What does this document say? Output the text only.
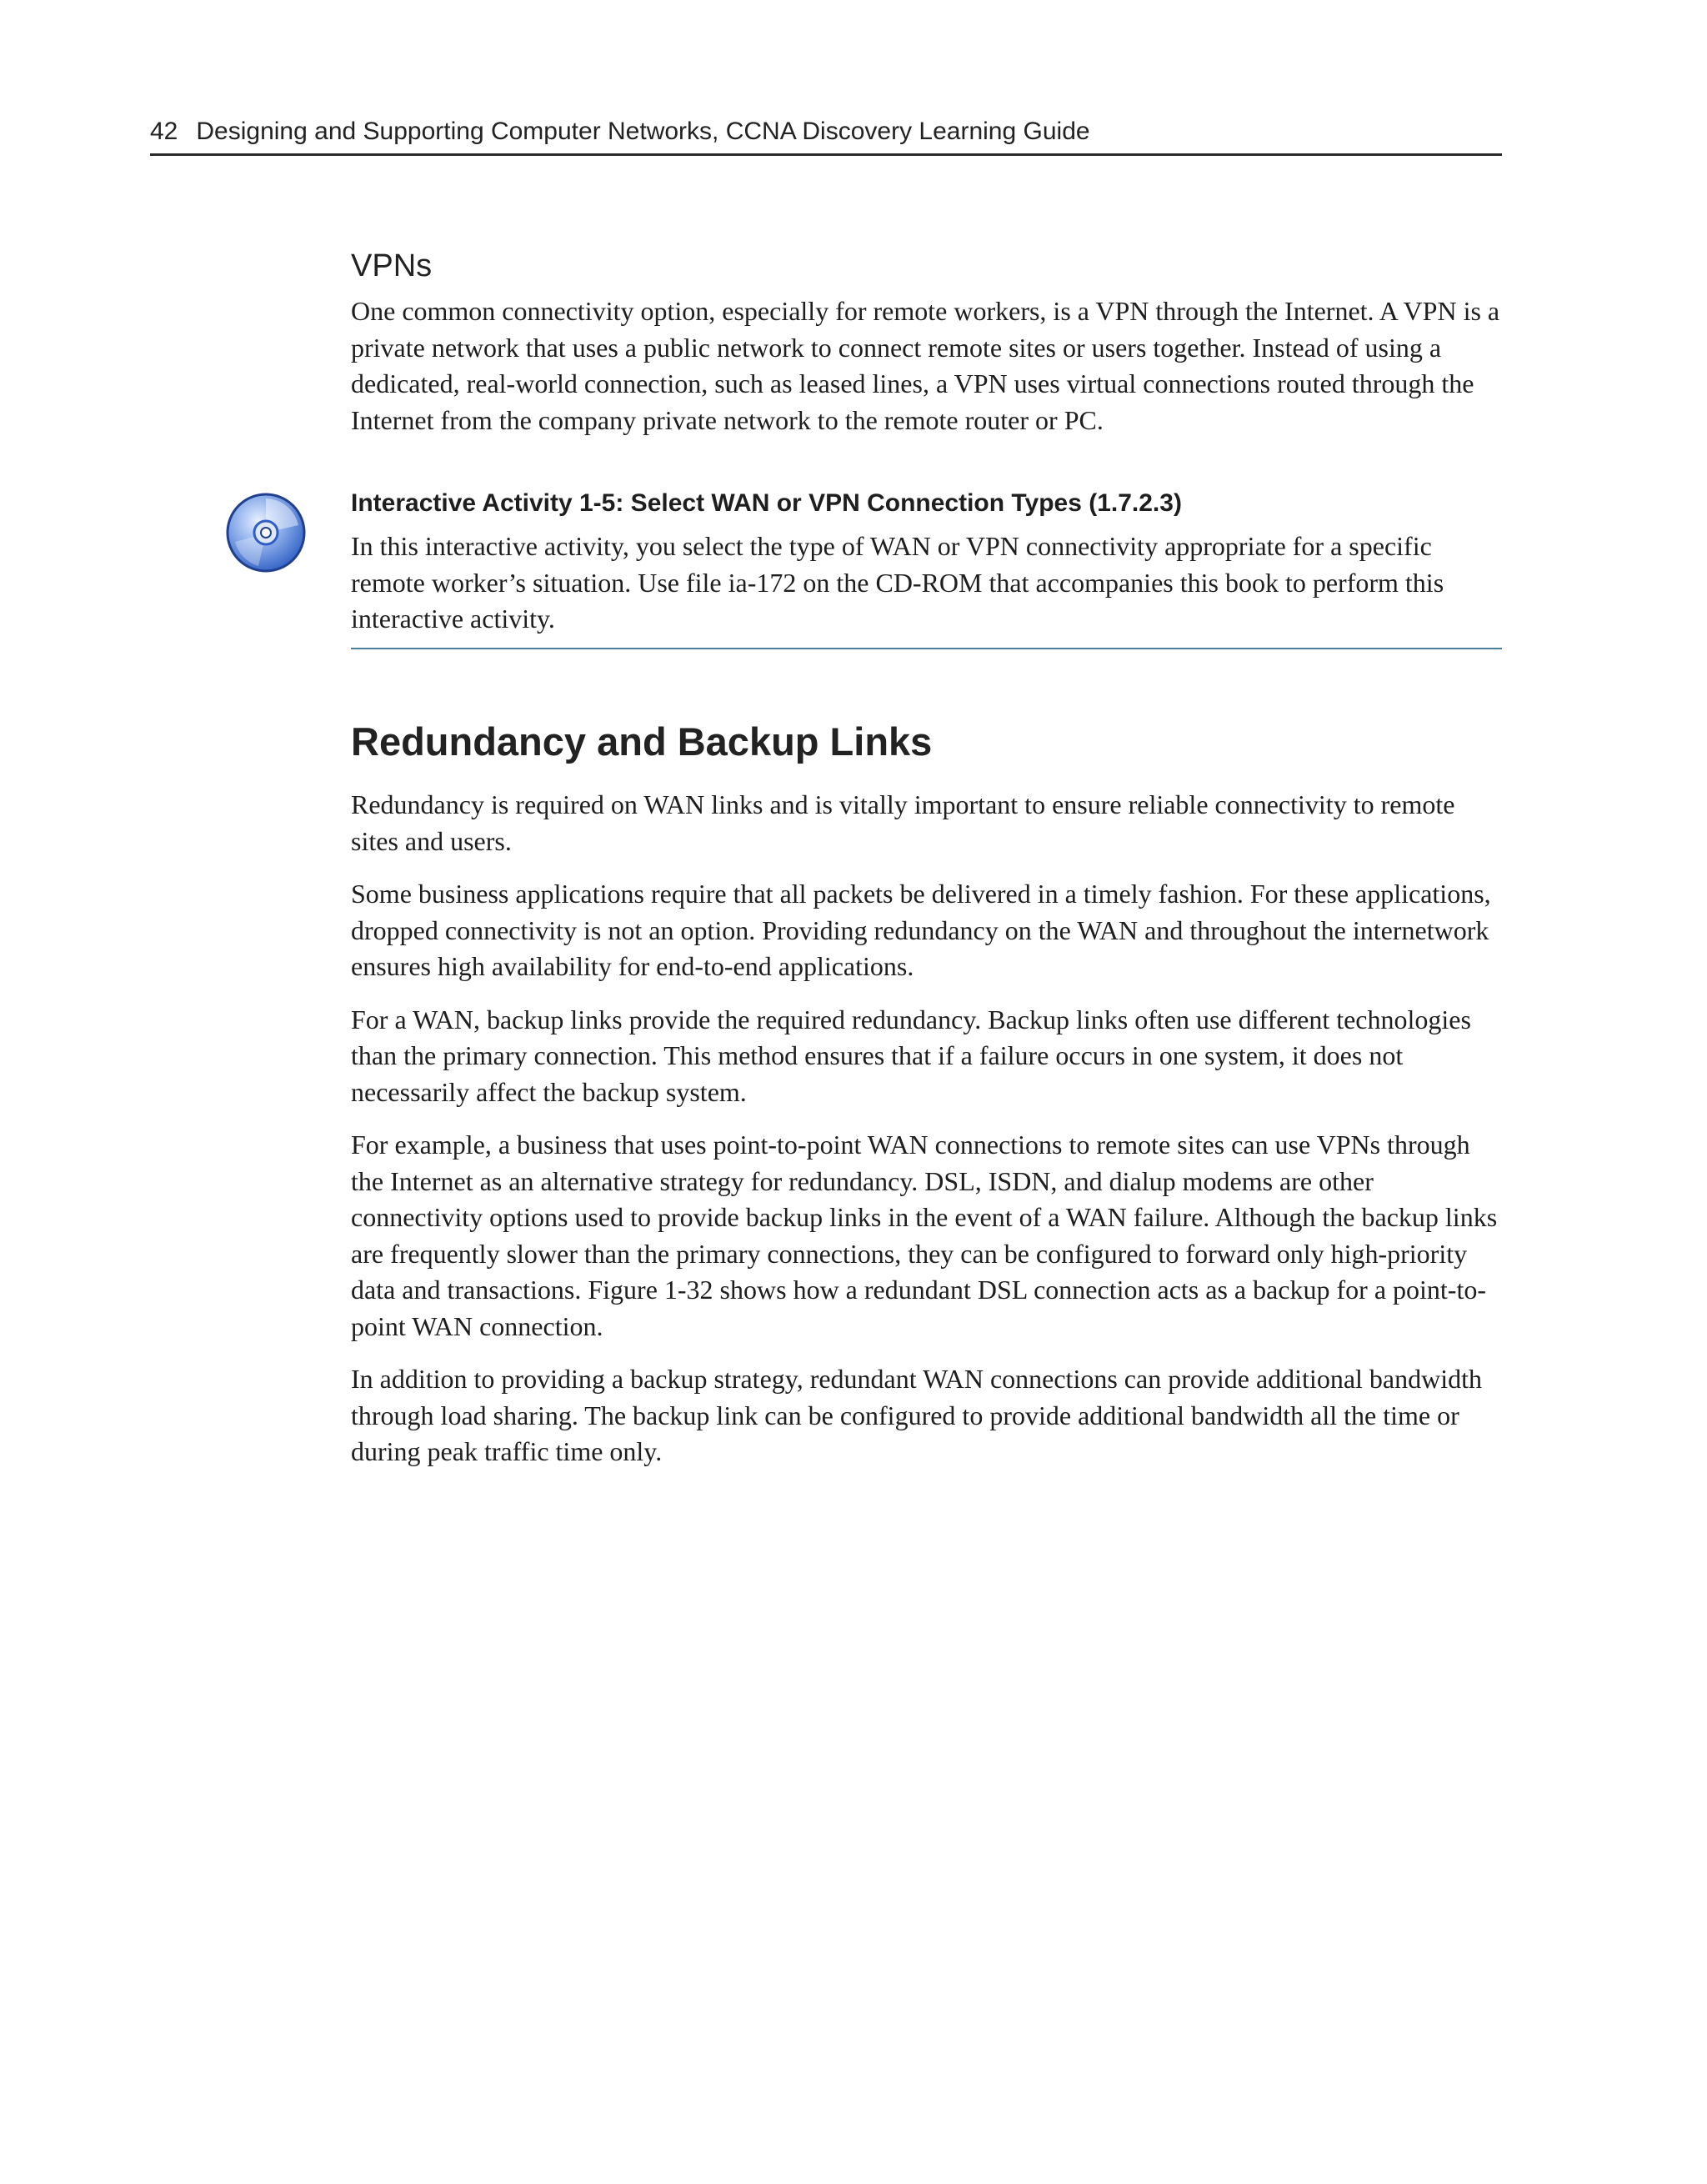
42 Designing and Supporting Computer Networks, CCNA Discovery Learning Guide
VPNs

One common connectivity option, especially for remote workers, is a VPN through the Internet. A VPN is a private network that uses a public network to connect remote sites or users together. Instead of using a dedicated, real-world connection, such as leased lines, a VPN uses virtual connections routed through the Internet from the company private network to the remote router or PC.

Interactive Activity 1-5: Select WAN or VPN Connection Types (1.7.2.3)

In this interactive activity, you select the type of WAN or VPN connectivity appropriate for a specific remote worker’s situation. Use file ia-172 on the CD-ROM that accompanies this book to perform this interactive activity.

Redundancy and Backup Links

Redundancy is required on WAN links and is vitally important to ensure reliable connectivity to remote sites and users.

Some business applications require that all packets be delivered in a timely fashion. For these applications, dropped connectivity is not an option. Providing redundancy on the WAN and throughout the internetwork ensures high availability for end-to-end applications.

For a WAN, backup links provide the required redundancy. Backup links often use different technologies than the primary connection. This method ensures that if a failure occurs in one system, it does not necessarily affect the backup system.

For example, a business that uses point-to-point WAN connections to remote sites can use VPNs through the Internet as an alternative strategy for redundancy. DSL, ISDN, and dialup modems are other connectivity options used to provide backup links in the event of a WAN failure. Although the backup links are frequently slower than the primary connections, they can be configured to forward only high-priority data and transactions. Figure 1-32 shows how a redundant DSL connection acts as a backup for a point-to-point WAN connection.

In addition to providing a backup strategy, redundant WAN connections can provide additional bandwidth through load sharing. The backup link can be configured to provide additional bandwidth all the time or during peak traffic time only.
